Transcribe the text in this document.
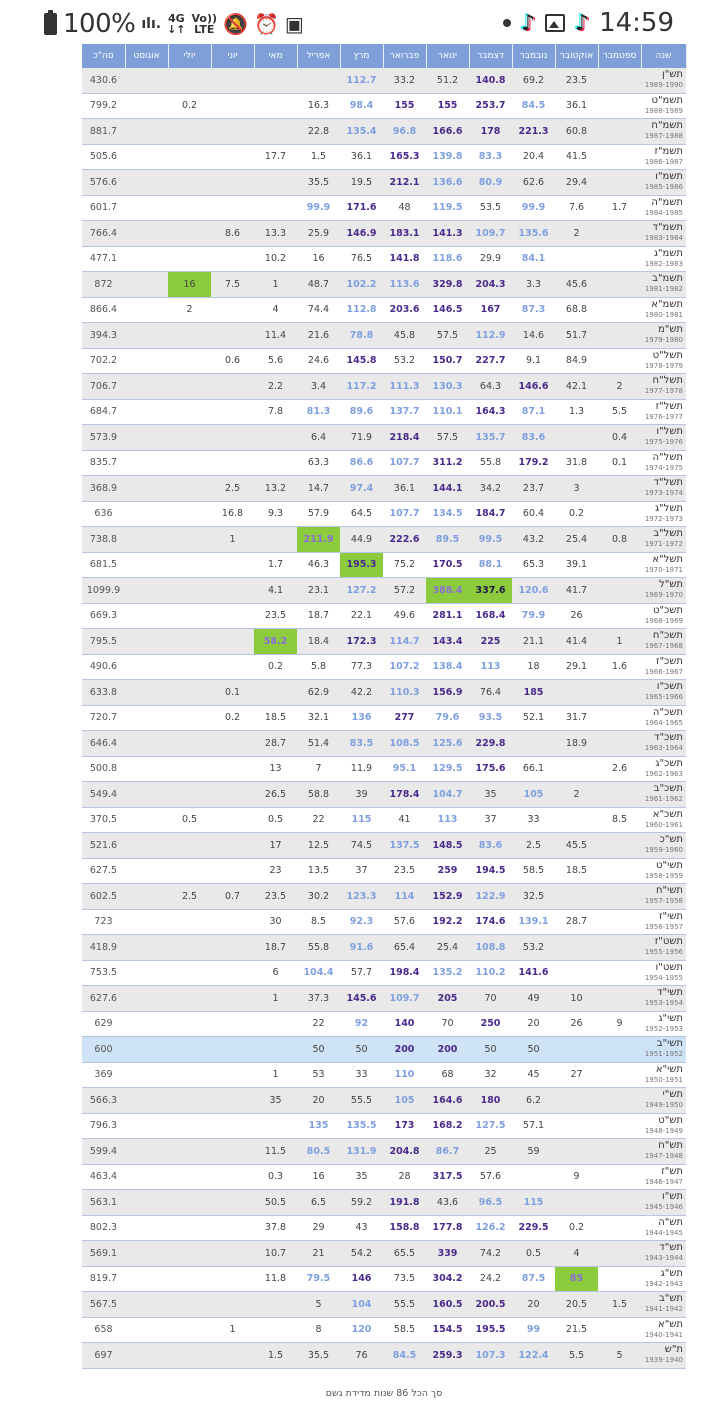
100% ılı. 4G
↓↑
Vo))
LTE 🔕 ⏰ ▣	♪ ♪ 14:59
סה"כ	אוגוסט	יולי	יוני	מאי	אפריל	מרץ	פברואר	ינואר	דצמבר	נובמבר	אוקטובר	ספטמבר	שנה
430.6						112.7	33.2	51.2	140.8	69.2	23.5		תש"ן
1989-1990

799.2		0.2			16.3	98.4	155	155	253.7	84.5	36.1		תשמ"ט
1988-1989

881.7					22.8	135.4	96.8	166.6	178	221.3	60.8		תשמ"ח
1987-1988

505.6				17.7	1.5	36.1	165.3	139.8	83.3	20.4	41.5		תשמ"ז
1986-1987

576.6					35.5	19.5	212.1	136.6	80.9	62.6	29.4		תשמ"ו
1985-1986

601.7					99.9	171.6	48	119.5	53.5	99.9	7.6	1.7	תשמ"ה
1984-1985

766.4			8.6	13.3	25.9	146.9	183.1	141.3	109.7	135.6	2		תשמ"ד
1983-1984

477.1				10.2	16	76.5	141.8	118.6	29.9	84.1			תשמ"ג
1982-1983

872		16	7.5	1	48.7	102.2	113.6	329.8	204.3	3.3	45.6		תשמ"ב
1981-1982

866.4		2		4	74.4	112.8	203.6	146.5	167	87.3	68.8		תשמ"א
1980-1981

394.3				11.4	21.6	78.8	45.8	57.5	112.9	14.6	51.7		תש"מ
1979-1980

702.2			0.6	5.6	24.6	145.8	53.2	150.7	227.7	9.1	84.9		תשל"ט
1978-1979

706.7				2.2	3.4	117.2	111.3	130.3	64.3	146.6	42.1	2	תשל"ח
1977-1978

684.7				7.8	81.3	89.6	137.7	110.1	164.3	87.1	1.3	5.5	תשל"ז
1976-1977

573.9					6.4	71.9	218.4	57.5	135.7	83.6		0.4	תשל"ו
1975-1976

835.7					63.3	86.6	107.7	311.2	55.8	179.2	31.8	0.1	תשל"ה
1974-1975

368.9			2.5	13.2	14.7	97.4	36.1	144.1	34.2	23.7	3		תשל"ד
1973-1974

636			16.8	9.3	57.9	64.5	107.7	134.5	184.7	60.4	0.2		תשל"ג
1972-1973

738.8			1		211.9	44.9	222.6	89.5	99.5	43.2	25.4	0.8	תשל"ב
1971-1972

681.5				1.7	46.3	195.3	75.2	170.5	88.1	65.3	39.1		תשל"א
1970-1971

1099.9				4.1	23.1	127.2	57.2	388.4	337.6	120.6	41.7		תש"ל
1969-1970

669.3				23.5	18.7	22.1	49.6	281.1	168.4	79.9	26		תשכ"ט
1968-1969

795.5				58.2	18.4	172.3	114.7	143.4	225	21.1	41.4	1	תשכ"ח
1967-1968

490.6				0.2	5.8	77.3	107.2	138.4	113	18	29.1	1.6	תשכ"ז
1966-1967

633.8			0.1		62.9	42.2	110.3	156.9	76.4	185			תשכ"ו
1965-1966

720.7			0.2	18.5	32.1	136	277	79.6	93.5	52.1	31.7		תשכ"ה
1964-1965

646.4				28.7	51.4	83.5	108.5	125.6	229.8		18.9		תשכ"ד
1963-1964

500.8				13	7	11.9	95.1	129.5	175.6	66.1		2.6	תשכ"ג
1962-1963

549.4				26.5	58.8	39	178.4	104.7	35	105	2		תשכ"ב
1961-1962

370.5		0.5		0.5	22	115	41	113	37	33		8.5	תשכ"א
1960-1961

521.6				17	12.5	74.5	137.5	148.5	83.6	2.5	45.5		תש"כ
1959-1960

627.5				23	13.5	37	23.5	259	194.5	58.5	18.5		תשי"ט
1958-1959

602.5		2.5	0.7	23.5	30.2	123.3	114	152.9	122.9	32.5			תשי"ח
1957-1958

723				30	8.5	92.3	57.6	192.2	174.6	139.1	28.7		תשי"ז
1956-1957

418.9				18.7	55.8	91.6	65.4	25.4	108.8	53.2			תשט"ז
1955-1956

753.5				6	104.4	57.7	198.4	135.2	110.2	141.6			תשט"ו
1954-1955

627.6				1	37.3	145.6	109.7	205	70	49	10		תשי"ד
1953-1954

629					22	92	140	70	250	20	26	9	תשי"ג
1952-1953

600					50	50	200	200	50	50			תשי"ב
1951-1952

369				1	53	33	110	68	32	45	27		תשי"א
1950-1951

566.3				35	20	55.5	105	164.6	180	6.2			תש"י
1949-1950

796.3					135	135.5	173	168.2	127.5	57.1			תש"ט
1948-1949

599.4				11.5	80.5	131.9	204.8	86.7	25	59			תש"ח
1947-1948

463.4				0.3	16	35	28	317.5	57.6		9		תש"ז
1946-1947

563.1				50.5	6.5	59.2	191.8	43.6	96.5	115			תש"ו
1945-1946

802.3				37.8	29	43	158.8	177.8	126.2	229.5	0.2		תש"ה
1944-1945

569.1				10.7	21	54.2	65.5	339	74.2	0.5	4		תש"ד
1943-1944

819.7				11.8	79.5	146	73.5	304.2	24.2	87.5	85		תש"ג
1942-1943

567.5					5	104	55.5	160.5	200.5	20	20.5	1.5	תש"ב
1941-1942

658			1		8	120	58.5	154.5	195.5	99	21.5		תש"א
1940-1941

697				1.5	35.5	76	84.5	259.3	107.3	122.4	5.5	5	ת"ש
1939-1940
סך הכל 86 שנות מדידת גשם
